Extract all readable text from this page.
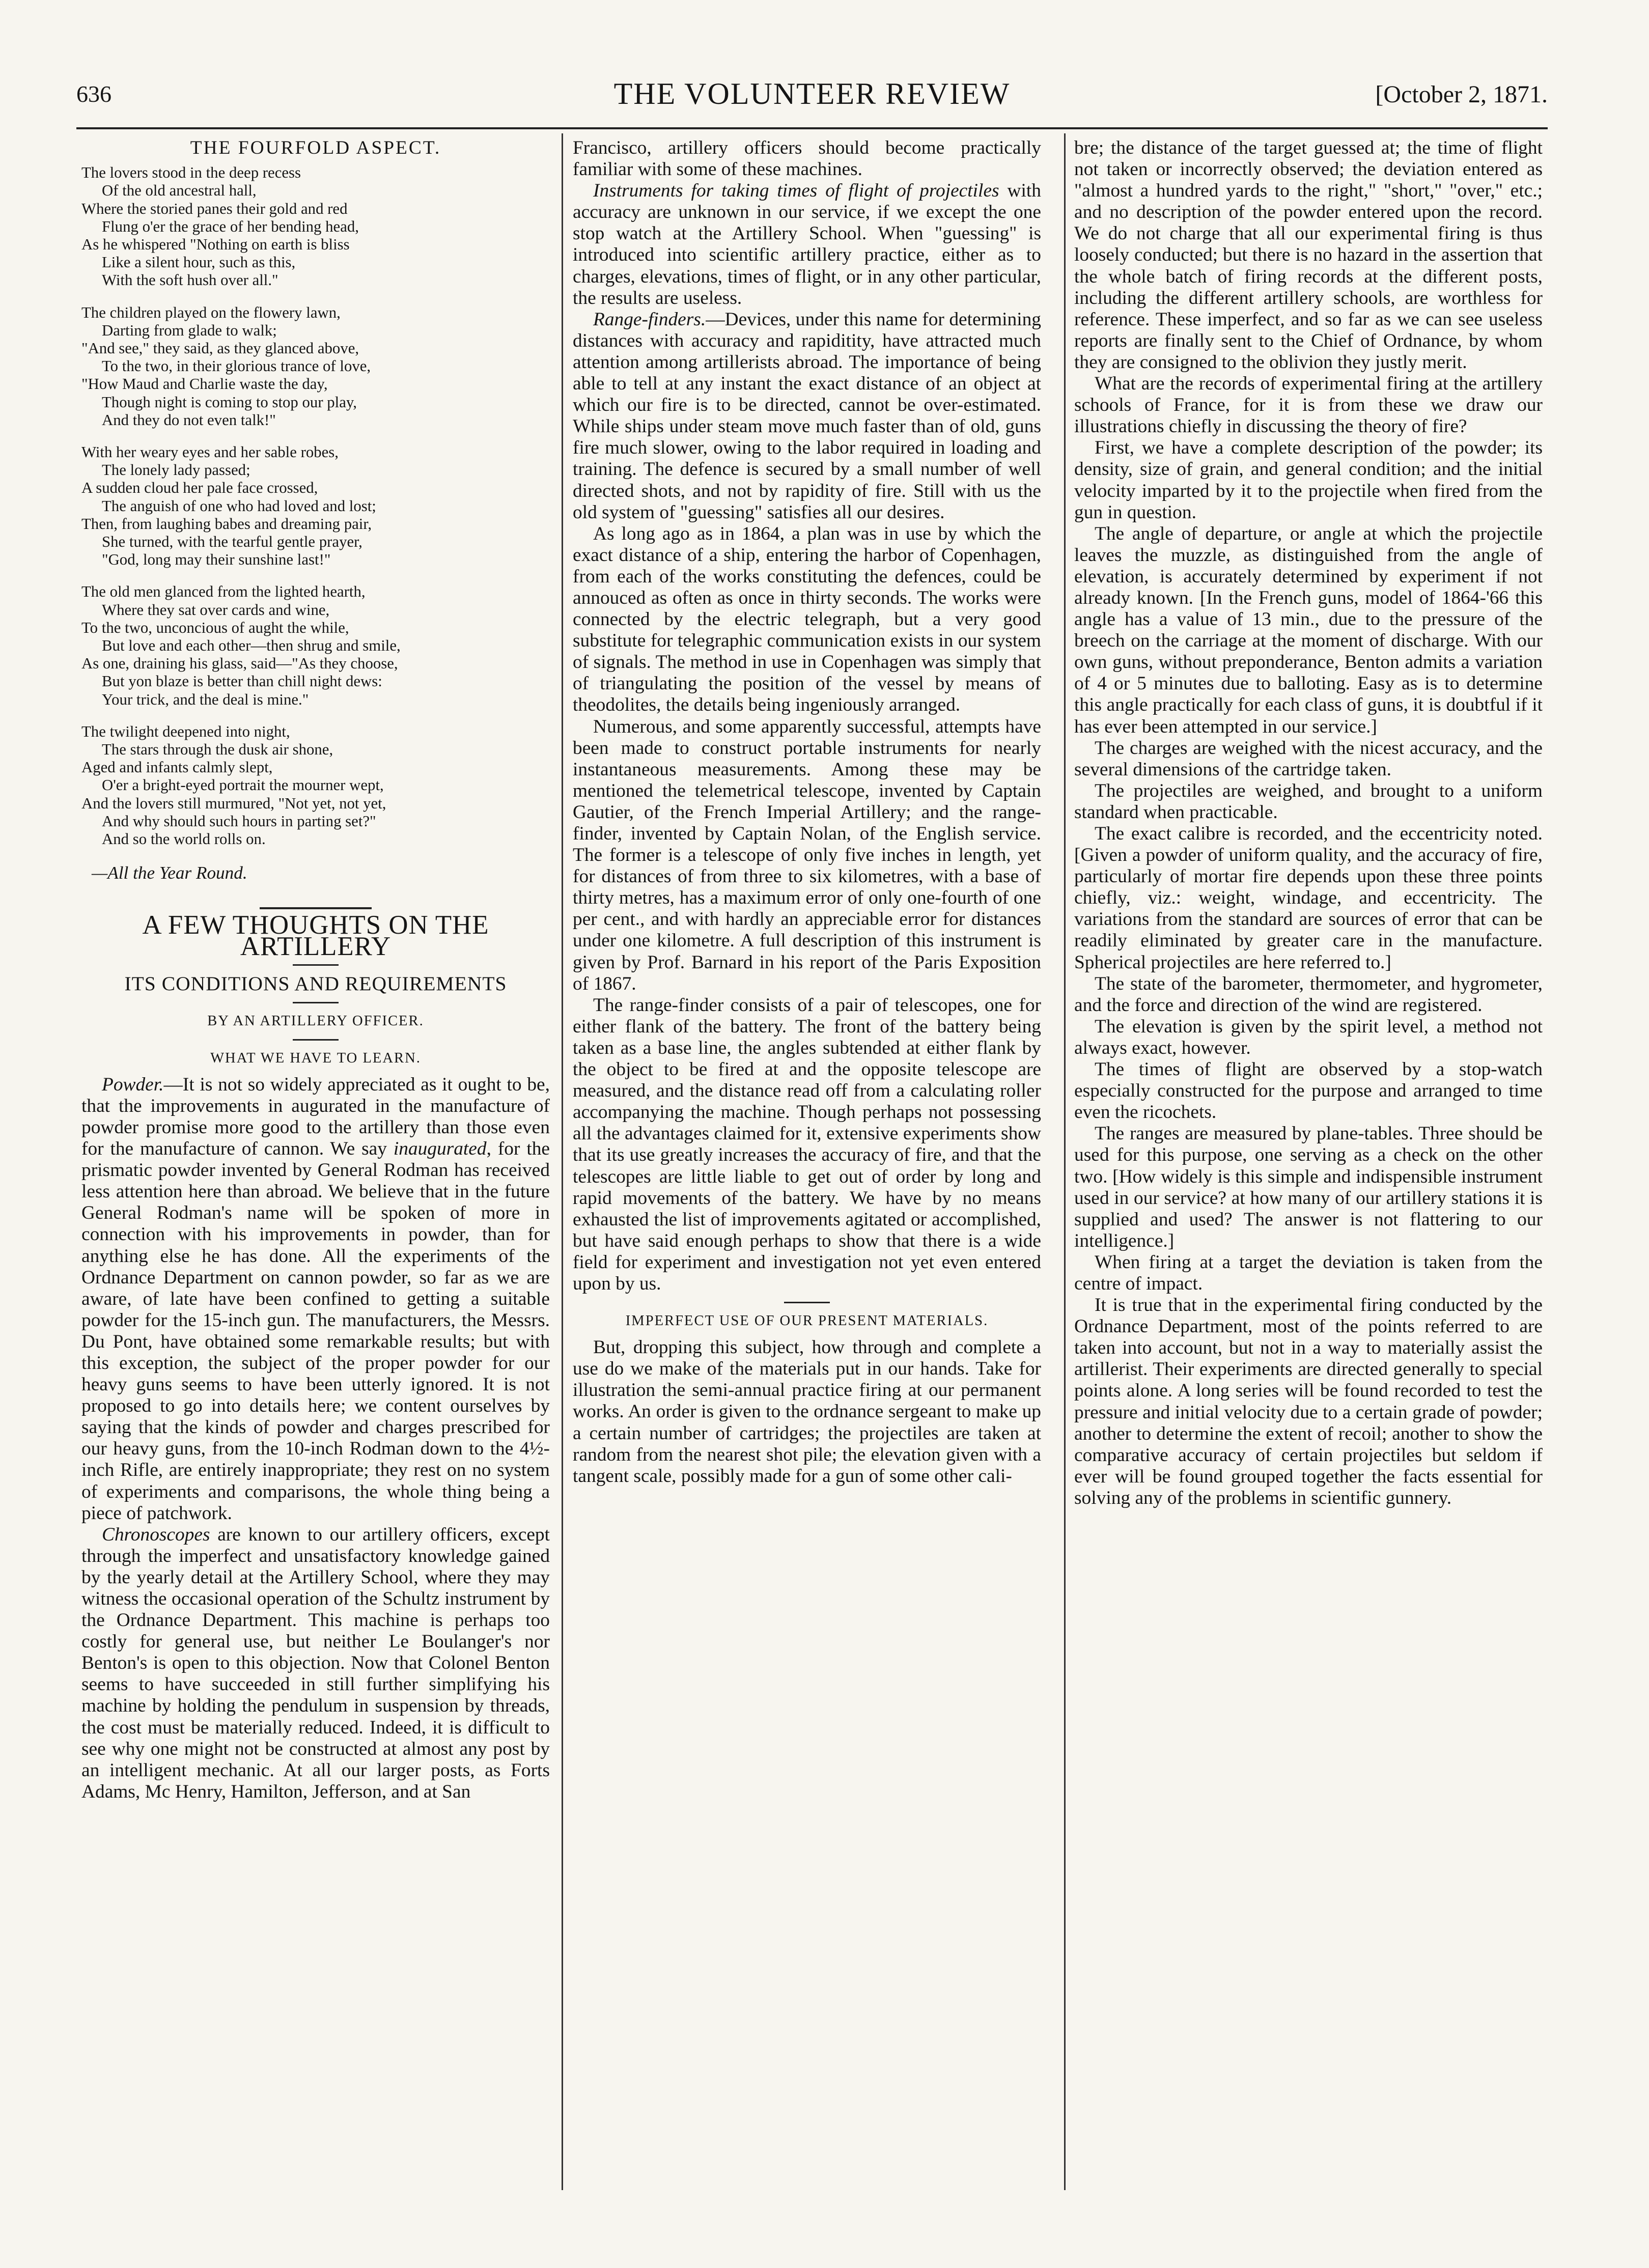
636	THE VOLUNTEER REVIEW	[October 2, 1871.
THE FOURFOLD ASPECT.
The lovers stood in the deep recess
Of the old ancestral hall,
Where the storied panes their gold and red
Flung o'er the grace of her bending head,
As he whispered "Nothing on earth is bliss
Like a silent hour, such as this,
With the soft hush over all."
The children played on the flowery lawn,
Darting from glade to walk;
"And see," they said, as they glanced above,
To the two, in their glorious trance of love,
"How Maud and Charlie waste the day,
Though night is coming to stop our play,
And they do not even talk!"
With her weary eyes and her sable robes,
The lonely lady passed;
A sudden cloud her pale face crossed,
The anguish of one who had loved and lost;
Then, from laughing babes and dreaming pair,
She turned, with the tearful gentle prayer,
"God, long may their sunshine last!"
The old men glanced from the lighted hearth,
Where they sat over cards and wine,
To the two, unconcious of aught the while,
But love and each other—then shrug and smile,
As one, draining his glass, said—"As they choose,
But yon blaze is better than chill night dews:
Your trick, and the deal is mine."
The twilight deepened into night,
The stars through the dusk air shone,
Aged and infants calmly slept,
O'er a bright-eyed portrait the mourner wept,
And the lovers still murmured, "Not yet, not yet,
And why should such hours in parting set?"
And so the world rolls on.
—All the Year Round.
A FEW THOUGHTS ON THE ARTILLERY
ITS CONDITIONS AND REQUIREMENTS
BY AN ARTILLERY OFFICER.
WHAT WE HAVE TO LEARN.

Powder.—It is not so widely appreciated as it ought to be, that the improvements in augurated in the manufacture of powder promise more good to the artillery than those even for the manufacture of cannon. We say inaugurated, for the prismatic powder invented by General Rodman has received less attention here than abroad. We believe that in the future General Rodman's name will be spoken of more in connection with his improvements in powder, than for anything else he has done. All the experiments of the Ordnance Department on cannon powder, so far as we are aware, of late have been confined to getting a suitable powder for the 15-inch gun. The manufacturers, the Messrs. Du Pont, have obtained some remarkable results; but with this exception, the subject of the proper powder for our heavy guns seems to have been utterly ignored. It is not proposed to go into details here; we content ourselves by saying that the kinds of powder and charges prescribed for our heavy guns, from the 10-inch Rodman down to the 4½-inch Rifle, are entirely inappropriate; they rest on no system of experiments and comparisons, the whole thing being a piece of patchwork.

Chronoscopes are known to our artillery officers, except through the imperfect and unsatisfactory knowledge gained by the yearly detail at the Artillery School, where they may witness the occasional operation of the Schultz instrument by the Ordnance Department. This machine is perhaps too costly for general use, but neither Le Boulanger's nor Benton's is open to this objection. Now that Colonel Benton seems to have succeeded in still further simplifying his machine by holding the pendulum in suspension by threads, the cost must be materially reduced. Indeed, it is difficult to see why one might not be constructed at almost any post by an intelligent mechanic. At all our larger posts, as Forts Adams, Mc Henry, Hamilton, Jefferson, and at San

Francisco, artillery officers should become practically familiar with some of these machines.

Instruments for taking times of flight of projectiles with accuracy are unknown in our service, if we except the one stop watch at the Artillery School. When "guessing" is introduced into scientific artillery practice, either as to charges, elevations, times of flight, or in any other particular, the results are useless.

Range-finders.—Devices, under this name for determining distances with accuracy and rapiditity, have attracted much attention among artillerists abroad. The importance of being able to tell at any instant the exact distance of an object at which our fire is to be directed, cannot be over-estimated. While ships under steam move much faster than of old, guns fire much slower, owing to the labor required in loading and training. The defence is secured by a small number of well directed shots, and not by rapidity of fire. Still with us the old system of "guessing" satisfies all our desires.

As long ago as in 1864, a plan was in use by which the exact distance of a ship, entering the harbor of Copenhagen, from each of the works constituting the defences, could be annouced as often as once in thirty seconds. The works were connected by the electric telegraph, but a very good substitute for telegraphic communication exists in our system of signals. The method in use in Copenhagen was simply that of triangulating the position of the vessel by means of theodolites, the details being ingeniously arranged.

Numerous, and some apparently successful, attempts have been made to construct portable instruments for nearly instantaneous measurements. Among these may be mentioned the telemetrical telescope, invented by Captain Gautier, of the French Imperial Artillery; and the range-finder, invented by Captain Nolan, of the English service. The former is a telescope of only five inches in length, yet for distances of from three to six kilometres, with a base of thirty metres, has a maximum error of only one-fourth of one per cent., and with hardly an appreciable error for distances under one kilometre. A full description of this instrument is given by Prof. Barnard in his report of the Paris Exposition of 1867.

The range-finder consists of a pair of telescopes, one for either flank of the battery. The front of the battery being taken as a base line, the angles subtended at either flank by the object to be fired at and the opposite telescope are measured, and the distance read off from a calculating roller accompanying the machine. Though perhaps not possessing all the advantages claimed for it, extensive experiments show that its use greatly increases the accuracy of fire, and that the telescopes are little liable to get out of order by long and rapid movements of the battery. We have by no means exhausted the list of improvements agitated or accomplished, but have said enough perhaps to show that there is a wide field for experiment and investigation not yet even entered upon by us.

IMPERFECT USE OF OUR PRESENT MATERIALS.

But, dropping this subject, how through and complete a use do we make of the materials put in our hands. Take for illustration the semi-annual practice firing at our permanent works. An order is given to the ordnance sergeant to make up a certain number of cartridges; the projectiles are taken at random from the nearest shot pile; the elevation given with a tangent scale, possibly made for a gun of some other cali-

bre; the distance of the target guessed at; the time of flight not taken or incorrectly observed; the deviation entered as "almost a hundred yards to the right," "short," "over," etc.; and no description of the powder entered upon the record. We do not charge that all our experimental firing is thus loosely conducted; but there is no hazard in the assertion that the whole batch of firing records at the different posts, including the different artillery schools, are worthless for reference. These imperfect, and so far as we can see useless reports are finally sent to the Chief of Ordnance, by whom they are consigned to the oblivion they justly merit.

What are the records of experimental firing at the artillery schools of France, for it is from these we draw our illustrations chiefly in discussing the theory of fire?

First, we have a complete description of the powder; its density, size of grain, and general condition; and the initial velocity imparted by it to the projectile when fired from the gun in question.

The angle of departure, or angle at which the projectile leaves the muzzle, as distinguished from the angle of elevation, is accurately determined by experiment if not already known. [In the French guns, model of 1864-'66 this angle has a value of 13 min., due to the pressure of the breech on the carriage at the moment of discharge. With our own guns, without preponderance, Benton admits a variation of 4 or 5 minutes due to balloting. Easy as is to determine this angle practically for each class of guns, it is doubtful if it has ever been attempted in our service.]

The charges are weighed with the nicest accuracy, and the several dimensions of the cartridge taken.

The projectiles are weighed, and brought to a uniform standard when practicable.

The exact calibre is recorded, and the eccentricity noted. [Given a powder of uniform quality, and the accuracy of fire, particularly of mortar fire depends upon these three points chiefly, viz.: weight, windage, and eccentricity. The variations from the standard are sources of error that can be readily eliminated by greater care in the manufacture. Spherical projectiles are here referred to.]

The state of the barometer, thermometer, and hygrometer, and the force and direction of the wind are registered.

The elevation is given by the spirit level, a method not always exact, however.

The times of flight are observed by a stop-watch especially constructed for the purpose and arranged to time even the ricochets.

The ranges are measured by plane-tables. Three should be used for this purpose, one serving as a check on the other two. [How widely is this simple and indispensible instrument used in our service? at how many of our artillery stations it is supplied and used? The answer is not flattering to our intelligence.]

When firing at a target the deviation is taken from the centre of impact.

It is true that in the experimental firing conducted by the Ordnance Department, most of the points referred to are taken into account, but not in a way to materially assist the artillerist. Their experiments are directed generally to special points alone. A long series will be found recorded to test the pressure and initial velocity due to a certain grade of powder; another to determine the extent of recoil; another to show the comparative accuracy of certain projectiles but seldom if ever will be found grouped together the facts essential for solving any of the problems in scientific gunnery.
